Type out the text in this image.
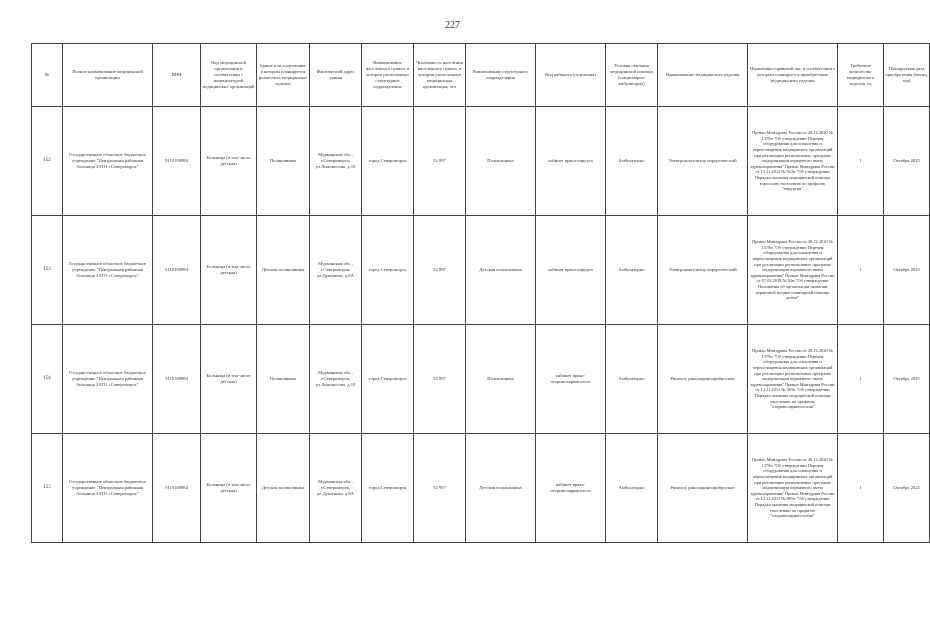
227
№	Полное наименование медицинской организации	ИНН	Вид медицинской организации в соответствии с номенклатурой медицинских организаций	Здание или сооружение, в котором планируется разместить медицинское изделие	Фактический адрес здания	Наименование населенного пункта, в котором расположено структурное подразделение	Численность населения населенного пункта, в котором расположена медицинская организация, чел	Наименование структурного подразделения	Вид кабинета (отделения)	Условия оказания медицинской помощи (стационарно/амбулаторно)	Наименование медицинского изделия	Нормативно-правовой акт, в соответствии с которым планируется приобретение медицинского изделия	Требуемое количество медицинского изделия, ед	Планируемая дата приобретения (месяц, год)
152	Государственное областное бюджетное учреждение "Центральная районная больница ЗАТО г.Североморск"	5110100984	Больница (в том числе детская)	Поликлиника	Мурманская обл., г.Североморск, ул.Ломоносова, д.10	город Североморск	52 997	Поликлиника	кабинет врача-хирурга	Амбулаторно	Электрокоагулятор хирургический	Приказ Минздрава России от 28.12.2020 № 1379н "Об утверждении Перечня оборудования для оснащения и переоснащения медицинских организаций при реализации региональных программ модернизации первичного звена здравоохранения" Приказ Минздрава России от 15.11.2012 № 922н "Об утверждении Порядка оказания медицинской помощи взрослому населению по профилю "хирургия"	1	Октябрь 2025
153	Государственное областное бюджетное учреждение "Центральная районная больница ЗАТО г.Североморск"	5110100984	Больница (в том числе детская)	Детская поликлиника	Мурманская обл., г.Североморск, ул.Душенова, д.8А	город Североморск	52 997	Детская поликлиника	кабинет врача-хирурга	Амбулаторно	Электрокоагулятор хирургический	Приказ Минздрава России от 28.12.2020 № 1379н "Об утверждении Перечня оборудования для оснащения и переоснащения медицинских организаций при реализации региональных программ модернизации первичного звена здравоохранения" Приказ Минздрава России от 07.03.2018 № 92н "Об утверждении Положения об организации оказания первичной медико-санитарной помощи детям"	1	Октябрь 2025
154	Государственное областное бюджетное учреждение "Центральная районная больница ЗАТО г.Североморск"	5110100984	Больница (в том числе детская)	Поликлиника	Мурманская обл., г.Североморск, ул.Ломоносова, д.10	город Североморск	52 997	Поликлиника	кабинет врача-оториноларинголога	Амбулаторно	Ринолог, риноларингофиброскоп	Приказ Минздрава России от 28.12.2020 № 1379н "Об утверждении Перечня оборудования для оснащения и переоснащения медицинских организаций при реализации региональных программ модернизации первичного звена здравоохранения" Приказ Минздрава России от 12.11.2012 № 905н "Об утверждении Порядка оказания медицинской помощи населению по профилю "оториноларингология"	1	Октябрь 2025
155	Государственное областное бюджетное учреждение "Центральная районная больница ЗАТО г.Североморск"	5110100984	Больница (в том числе детская)	Детская поликлиника	Мурманская обл., г.Североморск, ул.Душенова, д.8А	город Североморск	52 997	Детская поликлиника	кабинет врача-оториноларинголога	Амбулаторно	Ринолог, риноларингофиброскоп	Приказ Минздрава России от 28.12.2020 № 1379н "Об утверждении Перечня оборудования для оснащения и переоснащения медицинских организаций при реализации региональных программ модернизации первичного звена здравоохранения" Приказ Минздрава России от 12.11.2012 № 905н "Об утверждении Порядка оказания медицинской помощи населению по профилю "оториноларингология"	1	Октябрь 2025
